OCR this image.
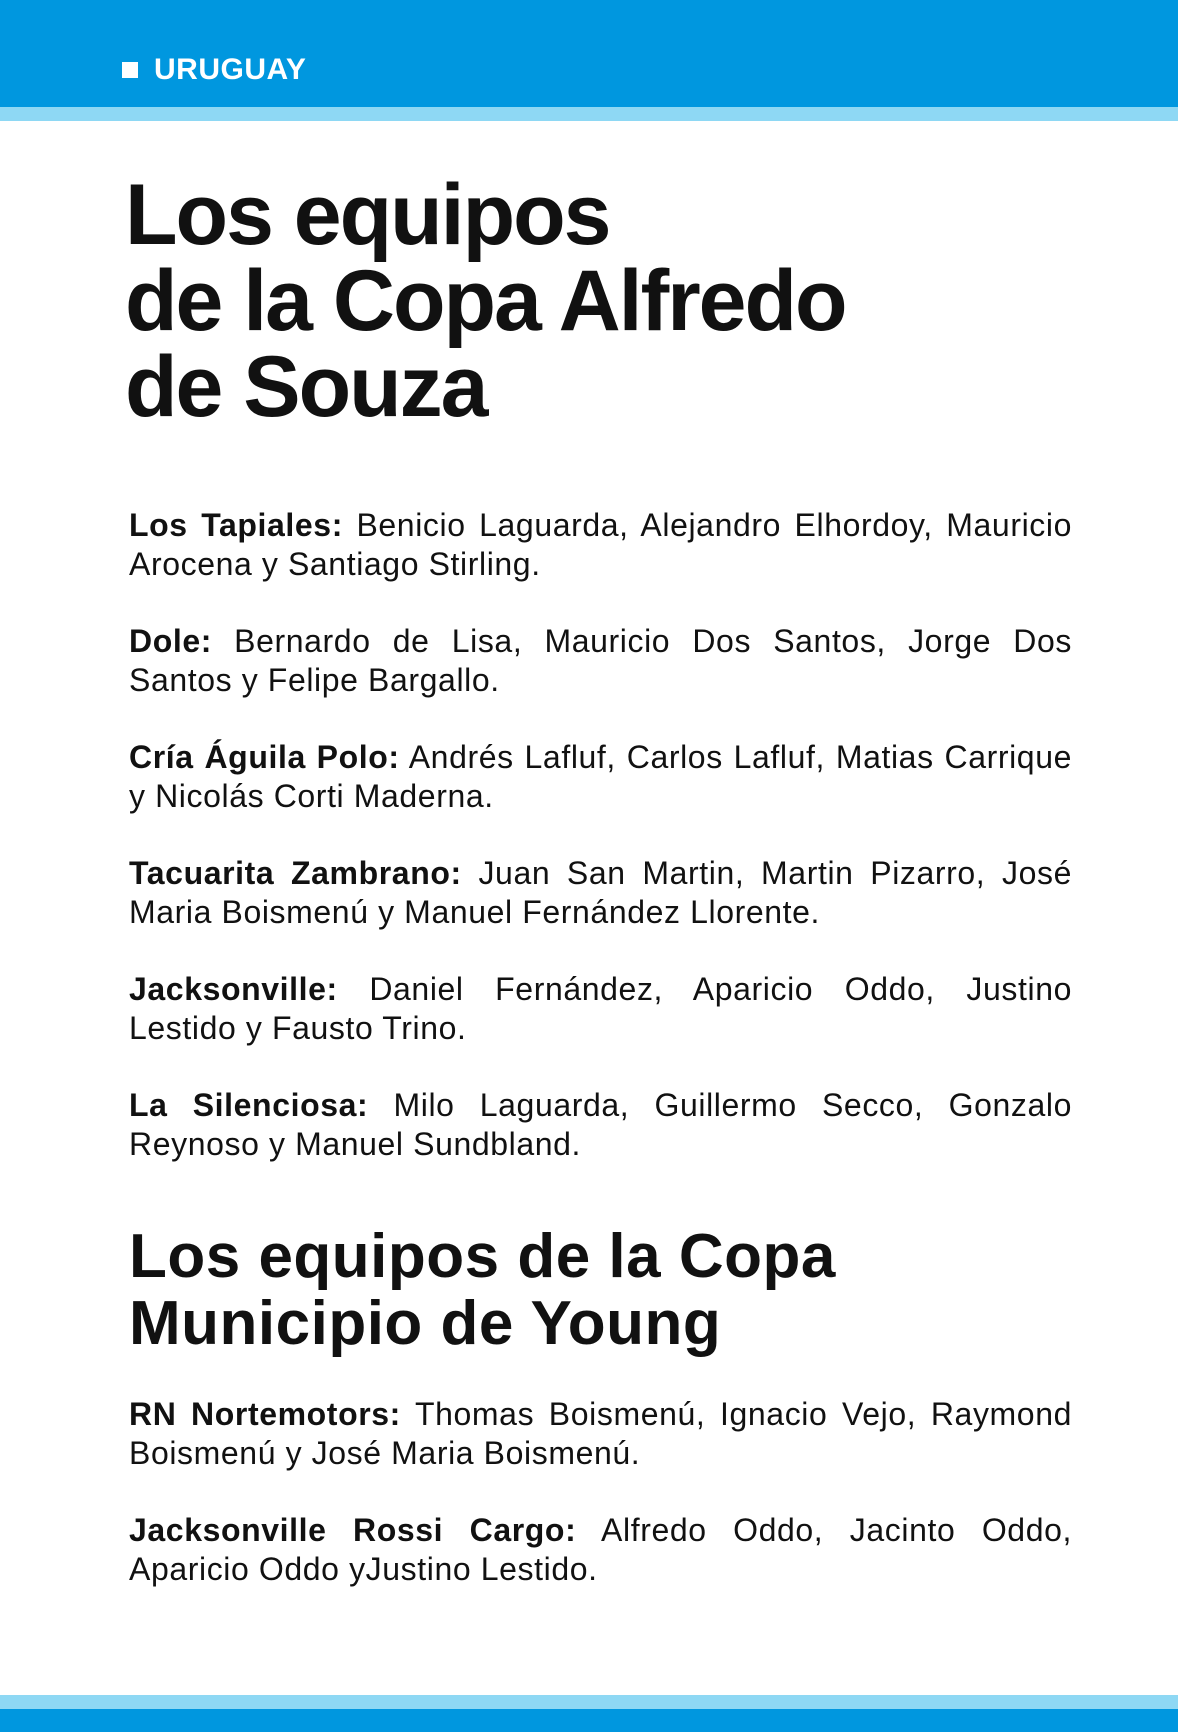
URUGUAY

Los equipos
de la Copa Alfredo
de Souza

Los Tapiales: Benicio Laguarda, Alejandro Elhordoy, Mauricio Arocena y Santiago Stirling.

Dole: Bernardo de Lisa, Mauricio Dos Santos, Jorge Dos Santos y Felipe Bargallo.

Cría Águila Polo: Andrés Lafluf, Carlos Lafluf, Matias Carrique y Nicolás Corti Maderna.

Tacuarita Zambrano: Juan San Martin, Martin Pizarro, José Maria Boismenú y Manuel Fernández Llorente.

Jacksonville: Daniel Fernández, Aparicio Oddo, Justino Lestido y Fausto Trino.

La Silenciosa: Milo Laguarda, Guillermo Secco, Gonzalo Reynoso y Manuel Sundbland.

Los equipos de la Copa
Municipio de Young

RN Nortemotors: Thomas Boismenú, Ignacio Vejo, Raymond Boismenú y José Maria Boismenú.

Jacksonville Rossi Cargo: Alfredo Oddo, Jacinto Oddo, Aparicio Oddo yJustino Lestido.
